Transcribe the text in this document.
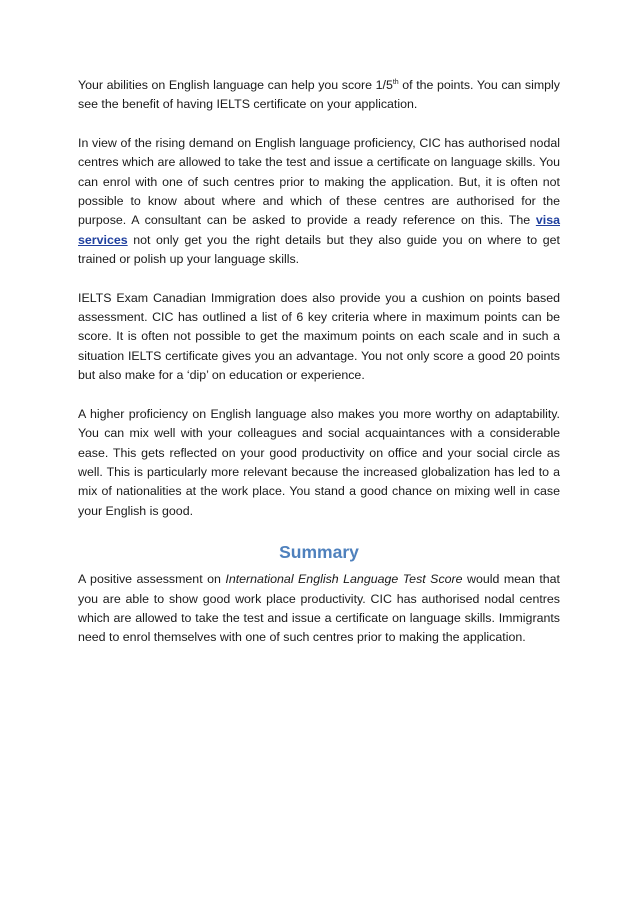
Your abilities on English language can help you score 1/5th of the points. You can simply see the benefit of having IELTS certificate on your application.

In view of the rising demand on English language proficiency, CIC has authorised nodal centres which are allowed to take the test and issue a certificate on language skills. You can enrol with one of such centres prior to making the application. But, it is often not possible to know about where and which of these centres are authorised for the purpose. A consultant can be asked to provide a ready reference on this. The visa services not only get you the right details but they also guide you on where to get trained or polish up your language skills.

IELTS Exam Canadian Immigration does also provide you a cushion on points based assessment. CIC has outlined a list of 6 key criteria where in maximum points can be score. It is often not possible to get the maximum points on each scale and in such a situation IELTS certificate gives you an advantage. You not only score a good 20 points but also make for a ‘dip’ on education or experience.

A higher proficiency on English language also makes you more worthy on adaptability. You can mix well with your colleagues and social acquaintances with a considerable ease. This gets reflected on your good productivity on office and your social circle as well. This is particularly more relevant because the increased globalization has led to a mix of nationalities at the work place. You stand a good chance on mixing well in case your English is good.

Summary

A positive assessment on International English Language Test Score would mean that you are able to show good work place productivity. CIC has authorised nodal centres which are allowed to take the test and issue a certificate on language skills. Immigrants need to enrol themselves with one of such centres prior to making the application.
